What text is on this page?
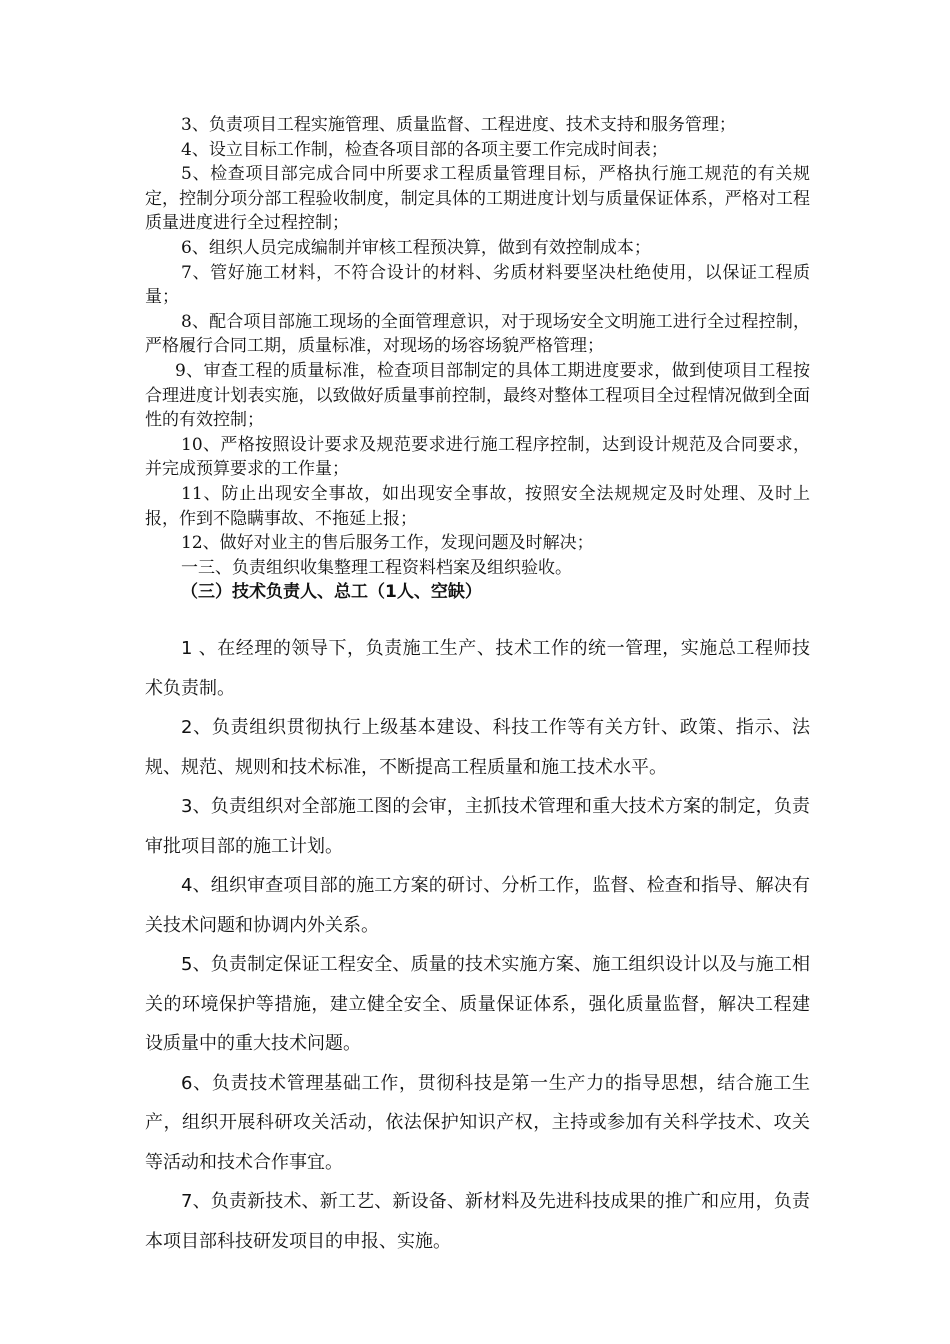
3、负责项目工程实施管理、质量监督、工程进度、技术支持和服务管理；

4、设立目标工作制，检查各项目部的各项主要工作完成时间表；

5、检查项目部完成合同中所要求工程质量管理目标，严格执行施工规范的有关规定，控制分项分部工程验收制度，制定具体的工期进度计划与质量保证体系，严格对工程质量进度进行全过程控制；

6、组织人员完成编制并审核工程预决算，做到有效控制成本；

7、管好施工材料，不符合设计的材料、劣质材料要坚决杜绝使用，以保证工程质量；

8、配合项目部施工现场的全面管理意识，对于现场安全文明施工进行全过程控制，严格履行合同工期，质量标准，对现场的场容场貌严格管理；

9、审查工程的质量标准，检查项目部制定的具体工期进度要求，做到使项目工程按合理进度计划表实施，以致做好质量事前控制，最终对整体工程项目全过程情况做到全面性的有效控制；

10、严格按照设计要求及规范要求进行施工程序控制，达到设计规范及合同要求，并完成预算要求的工作量；

11、防止出现安全事故，如出现安全事故，按照安全法规规定及时处理、及时上报，作到不隐瞒事故、不拖延上报；

12、做好对业主的售后服务工作，发现问题及时解决；

一三、负责组织收集整理工程资料档案及组织验收。

（三）技术负责人、总工（1人、空缺）

1 、在经理的领导下，负责施工生产、技术工作的统一管理，实施总工程师技术负责制。

2、负责组织贯彻执行上级基本建设、科技工作等有关方针、政策、指示、法规、规范、规则和技术标准，不断提高工程质量和施工技术水平。

3、负责组织对全部施工图的会审，主抓技术管理和重大技术方案的制定，负责审批项目部的施工计划。

4、组织审查项目部的施工方案的研讨、分析工作，监督、检查和指导、解决有关技术问题和协调内外关系。

5、负责制定保证工程安全、质量的技术实施方案、施工组织设计以及与施工相关的环境保护等措施，建立健全安全、质量保证体系，强化质量监督，解决工程建设质量中的重大技术问题。

6、负责技术管理基础工作，贯彻科技是第一生产力的指导思想，结合施工生产，组织开展科研攻关活动，依法保护知识产权，主持或参加有关科学技术、攻关等活动和技术合作事宜。

7、负责新技术、新工艺、新设备、新材料及先进科技成果的推广和应用，负责本项目部科技研发项目的申报、实施。
